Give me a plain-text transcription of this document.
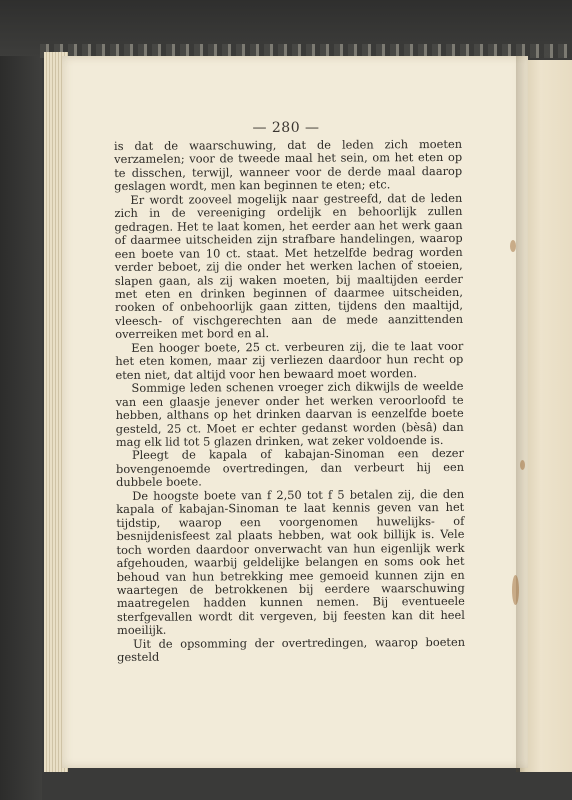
— 280 —

is dat de waarschuwing, dat de leden zich moeten verzamelen; voor de tweede maal het sein, om het eten op te disschen, terwijl, wanneer voor de derde maal daarop geslagen wordt, men kan beginnen te eten; etc.

Er wordt zooveel mogelijk naar gestreefd, dat de leden zich in de vereeniging ordelijk en behoorlijk zullen gedragen. Het te laat komen, het eerder aan het werk gaan of daarmee uitscheiden zijn strafbare handelingen, waarop een boete van 10 ct. staat. Met hetzelfde bedrag worden verder beboet, zij die onder het werken lachen of stoeien, slapen gaan, als zij waken moeten, bij maaltijden eerder met eten en drinken beginnen of daarmee uitscheiden, rooken of onbehoorlijk gaan zitten, tijdens den maaltijd, vleesch- of vischgerechten aan de mede aanzittenden overreiken met bord en al.

Een hooger boete, 25 ct. verbeuren zij, die te laat voor het eten komen, maar zij verliezen daardoor hun recht op eten niet, dat altijd voor hen bewaard moet worden.

Sommige leden schenen vroeger zich dikwijls de weelde van een glaasje jenever onder het werken veroorloofd te hebben, althans op het drinken daarvan is eenzelfde boete gesteld, 25 ct. Moet er echter gedanst worden (bèsâ) dan mag elk lid tot 5 glazen drinken, wat zeker voldoende is.

Pleegt de kapala of kabajan-Sinoman een dezer bovengenoemde overtredingen, dan verbeurt hij een dubbele boete.

De hoogste boete van f 2,50 tot f 5 betalen zij, die den kapala of kabajan-Sinoman te laat kennis geven van het tijdstip, waarop een voorgenomen huwelijks- of besnijdenisfeest zal plaats hebben, wat ook billijk is. Vele toch worden daardoor onverwacht van hun eigenlijk werk afgehouden, waarbij geldelijke belangen en soms ook het behoud van hun betrekking mee gemoeid kunnen zijn en waartegen de betrokkenen bij eerdere waarschuwing maatregelen hadden kunnen nemen. Bij eventueele sterfgevallen wordt dit vergeven, bij feesten kan dit heel moeilijk.

Uit de opsomming der overtredingen, waarop boeten gesteld
